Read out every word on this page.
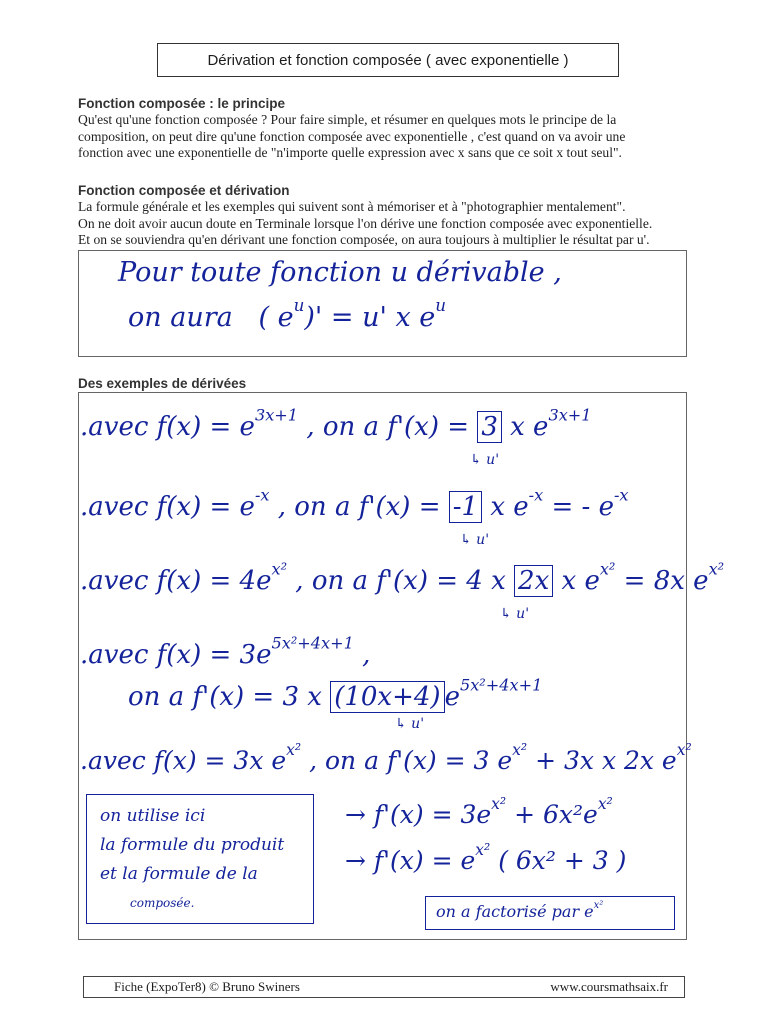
Dérivation et fonction composée ( avec exponentielle )
Fonction composée : le principe

Qu'est qu'une fonction composée ? Pour faire simple, et résumer en quelques mots le principe de la

composition, on peut dire qu'une fonction composée avec exponentielle , c'est quand on va avoir une

fonction avec une exponentielle de "n'importe quelle expression avec x sans que ce soit x tout seul".

Fonction composée et dérivation

La formule générale et les exemples qui suivent sont à mémoriser et à "photographier mentalement".

On ne doit avoir aucun doute en Terminale lorsque l'on dérive une fonction composée avec exponentielle.

Et on se souviendra qu'en dérivant une fonction composée, on aura toujours à multiplier le résultat par u'.

Pour toute fonction u dérivable ,
on aura ( $e^u)' = u'$ x $e^u$
Des exemples de dérivées
.avec $f(x) = e^{3x+1}$ , on a f'(x) = 3 x $e^{3x+1}$
↳ u'
.avec $f(x) = e^{-x}$ , on a f'(x) = -1 x $e^{-x}$ = - $e^{-x}$
↳ u'
.avec $f(x) = 4e^{x^2}$ , on a f'(x) = 4 x 2x x $e^{x^2} = 8x$ $e^{x^2}$
↳ u'
.avec $f(x) = 3e^{5x^2+4x+1}$ ,
on a f'(x) = 3 x (10x+4) $e^{5x^2+4x+1}$
↳ u'
.avec f(x) = 3x $e^{x^2}$ , on a f'(x) = 3 $e^{x^2} + 3x$ x 2x $e^{x^2}$
→ $f'(x) = 3e^{x^2} + 6x^2e^{x^2}$
→ $f'(x) = e^{x^2}$ ( 6x² + 3 )
on utilise ici
la formule du produit
et la formule de la
composée.	on a factorisé par $e^{x^2}$
Fiche (ExpoTer8) © Bruno Swiners	www.coursmathsaix.fr
